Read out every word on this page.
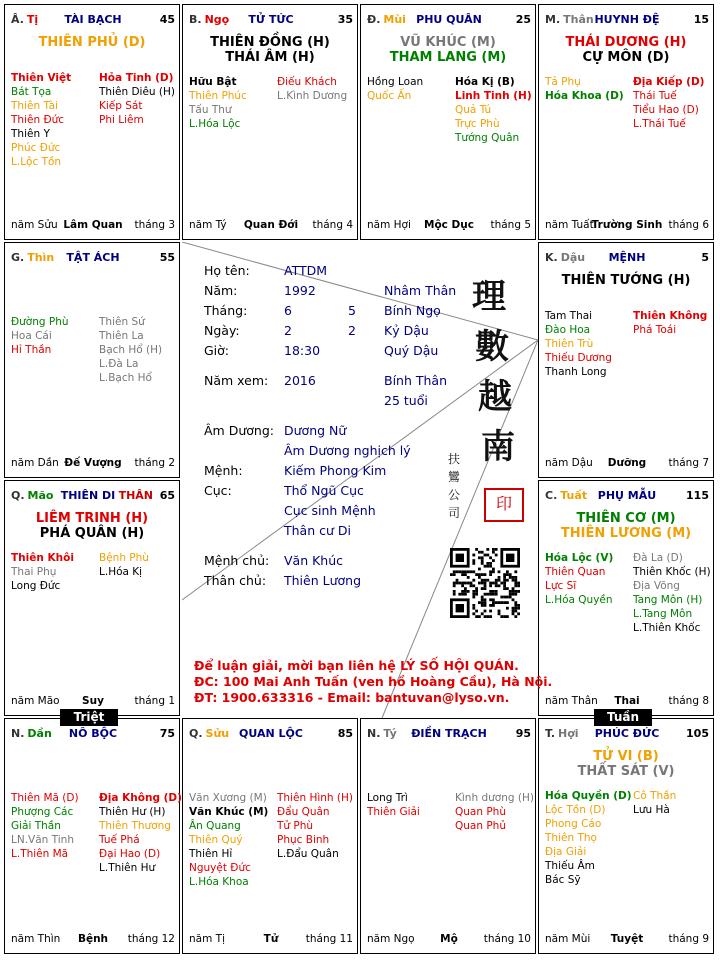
Â. Tị	TÀI BẠCH	45
THIÊN PHỦ (D)
Thiên Việt
Bát Tọa
Thiên Tài
Thiên Đức
Thiên Y
Phúc Đức
L.Lộc Tồn
Hỏa Tinh (D)
Thiên Diêu (H)
Kiếp Sát
Phi Liêm
năm Sửu Lâm Quan	tháng 3
B. Ngọ	TỬ TỨC	35
THIÊN ĐỒNG (H)
THÁI ÂM (H)
Hữu Bật
Thiên Phúc
Tấu Thư
L.Hóa Lộc
Điếu Khách
L.Kình Dương
năm Tý	Quan Đới	tháng 4
Đ. Mùi PHU QUÂN	25
VŨ KHÚC (M)
THAM LANG (M)
Hồng Loan
Quốc Ấn
Hóa Kị (B)
Linh Tinh (H)
Quả Tú
Trực Phù
Tướng Quân
năm Hợi	Mộc Dục	tháng 5
M. Thân HUYNH ĐỆ	15
THÁI DƯƠNG (H)
CỰ MÔN (D)
Tả Phụ
Hóa Khoa (D)
Địa Kiếp (D)
Thái Tuế
Tiểu Hao (D)
L.Thái Tuế
năm Tuất
Trường Sinh tháng 6
G. Thìn	TẬT ÁCH	55
Đường Phù
Hoa Cái
Hỉ Thần
Thiên Sứ
Thiên La
Bạch Hổ (H)
L.Đà La
L.Bạch Hổ
năm Dần Đế Vượng	tháng 2
K. Dậu	MỆNH	5
THIÊN TƯỚNG (H)
Tam Thai
Đào Hoa
Thiên Trù
Thiếu Dương
Thanh Long
Thiên Không
Phá Toái
năm Dậu	Dưỡng	tháng 7
Q. Mão THIÊN DI	65
THÂN
LIÊM TRINH (H)
PHÁ QUÂN (H)
Thiên Khôi
Thai Phụ
Long Đức
Bệnh Phù
L.Hóa Kị
năm Mão	Suy	tháng 1
C. Tuất PHỤ MẪU	115
THIÊN CƠ (M)
THIÊN LƯƠNG (M)
Hóa Lộc (V)
Thiên Quan
Lực Sĩ
L.Hóa Quyền
Đà La (D)
Thiên Khốc (H)
Địa Võng
Tang Môn (H)
L.Tang Môn
L.Thiên Khốc
năm Thân	Thai	tháng 8
N. Dần	NÔ BỘC	75
Thiên Mã (D)
Phượng Các
Giải Thần
LN.Văn Tinh
L.Thiên Mã
Địa Không (D)
Thiên Hư (H)
Thiên Thương
Tuế Phá
Đại Hao (D)
L.Thiên Hư
năm Thìn	Bệnh	tháng 12
Q. Sửu QUAN LỘC	85
Văn Xương (M)
Văn Khúc (M)
Ân Quang
Thiên Quý
Thiên Hỉ
Nguyệt Đức
L.Hóa Khoa
Thiên Hình (H)
Đẩu Quân
Tử Phù
Phục Binh
L.Đẩu Quân
năm Tị	Tử	tháng 11
N. Tý	ĐIỀN TRẠCH	95
Long Trì
Thiên Giải
Kình dương (H)
Quan Phù
Quan Phủ
năm Ngọ	Mộ	tháng 10
T. Hợi	PHÚC ĐỨC	105
TỬ VI (B)
THẤT SÁT (V)
Hóa Quyền (D)
Lộc Tồn (D)
Phong Cáo
Thiên Thọ
Địa Giải
Thiếu Âm
Bác Sỹ
Cô Thần
Lưu Hà
năm Mùi	Tuyệt	tháng 9
Họ tên:	ATTDM
Năm:	1992	Nhâm Thân
Tháng:	6	5 Bính Ngọ
Ngày:	2	2 Kỷ Dậu
Giờ:	18:30	Quý Dậu
Năm xem: 2016	Bính Thân
25 tuổi
Âm Dương: Dương Nữ
Âm Dương nghịch lý
Mệnh:	Kiếm Phong Kim
Cục:	Thổ Ngũ Cục
Cục sinh Mệnh
Thân cư Di
Mệnh chủ: Văn Khúc
Thân chủ: Thiên Lương
理
數
越
南
扶
鸞
公
司	印
Để luận giải, mời bạn liên hệ LÝ SỐ HỘI QUÁN.
ĐC: 100 Mai Anh Tuấn (ven hồ Hoàng Cầu), Hà Nội.
ĐT: 1900.633316 - Email: bantuvan@lyso.vn.
Triệt	Tuần
